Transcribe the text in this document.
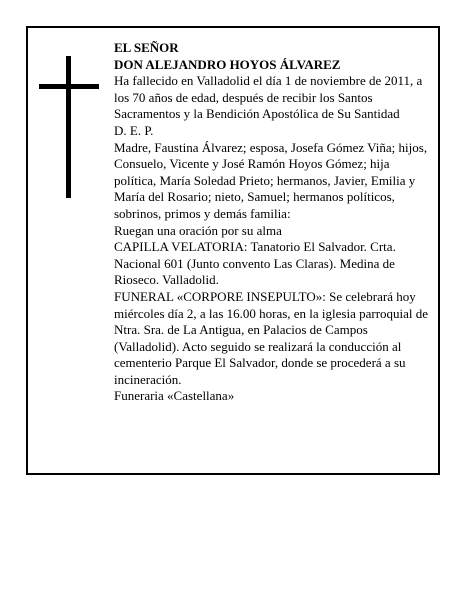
EL SEÑOR

DON ALEJANDRO HOYOS ÁLVAREZ

Ha fallecido en Valladolid el día 1 de noviembre de 2011, a los 70 años de edad, después de recibir los Santos Sacramentos y la Bendición Apostólica de Su Santidad

D. E. P.

Madre, Faustina Álvarez; esposa, Josefa Gómez Viña; hijos, Consuelo, Vicente y José Ramón Hoyos Gómez; hija política, María Soledad Prieto; hermanos, Javier, Emilia y María del Rosario; nieto, Samuel; hermanos políticos, sobrinos, primos y demás familia:

Ruegan una oración por su alma

CAPILLA VELATORIA: Tanatorio El Salvador. Crta. Nacional 601 (Junto convento Las Claras). Medina de Rioseco. Valladolid.

FUNERAL «CORPORE INSEPULTO»: Se celebrará hoy miércoles día 2, a las 16.00 horas, en la iglesia parroquial de Ntra. Sra. de La Antigua, en Palacios de Campos (Valladolid). Acto seguido se realizará la conducción al cementerio Parque El Salvador, donde se procederá a su incineración.

Funeraria «Castellana»
